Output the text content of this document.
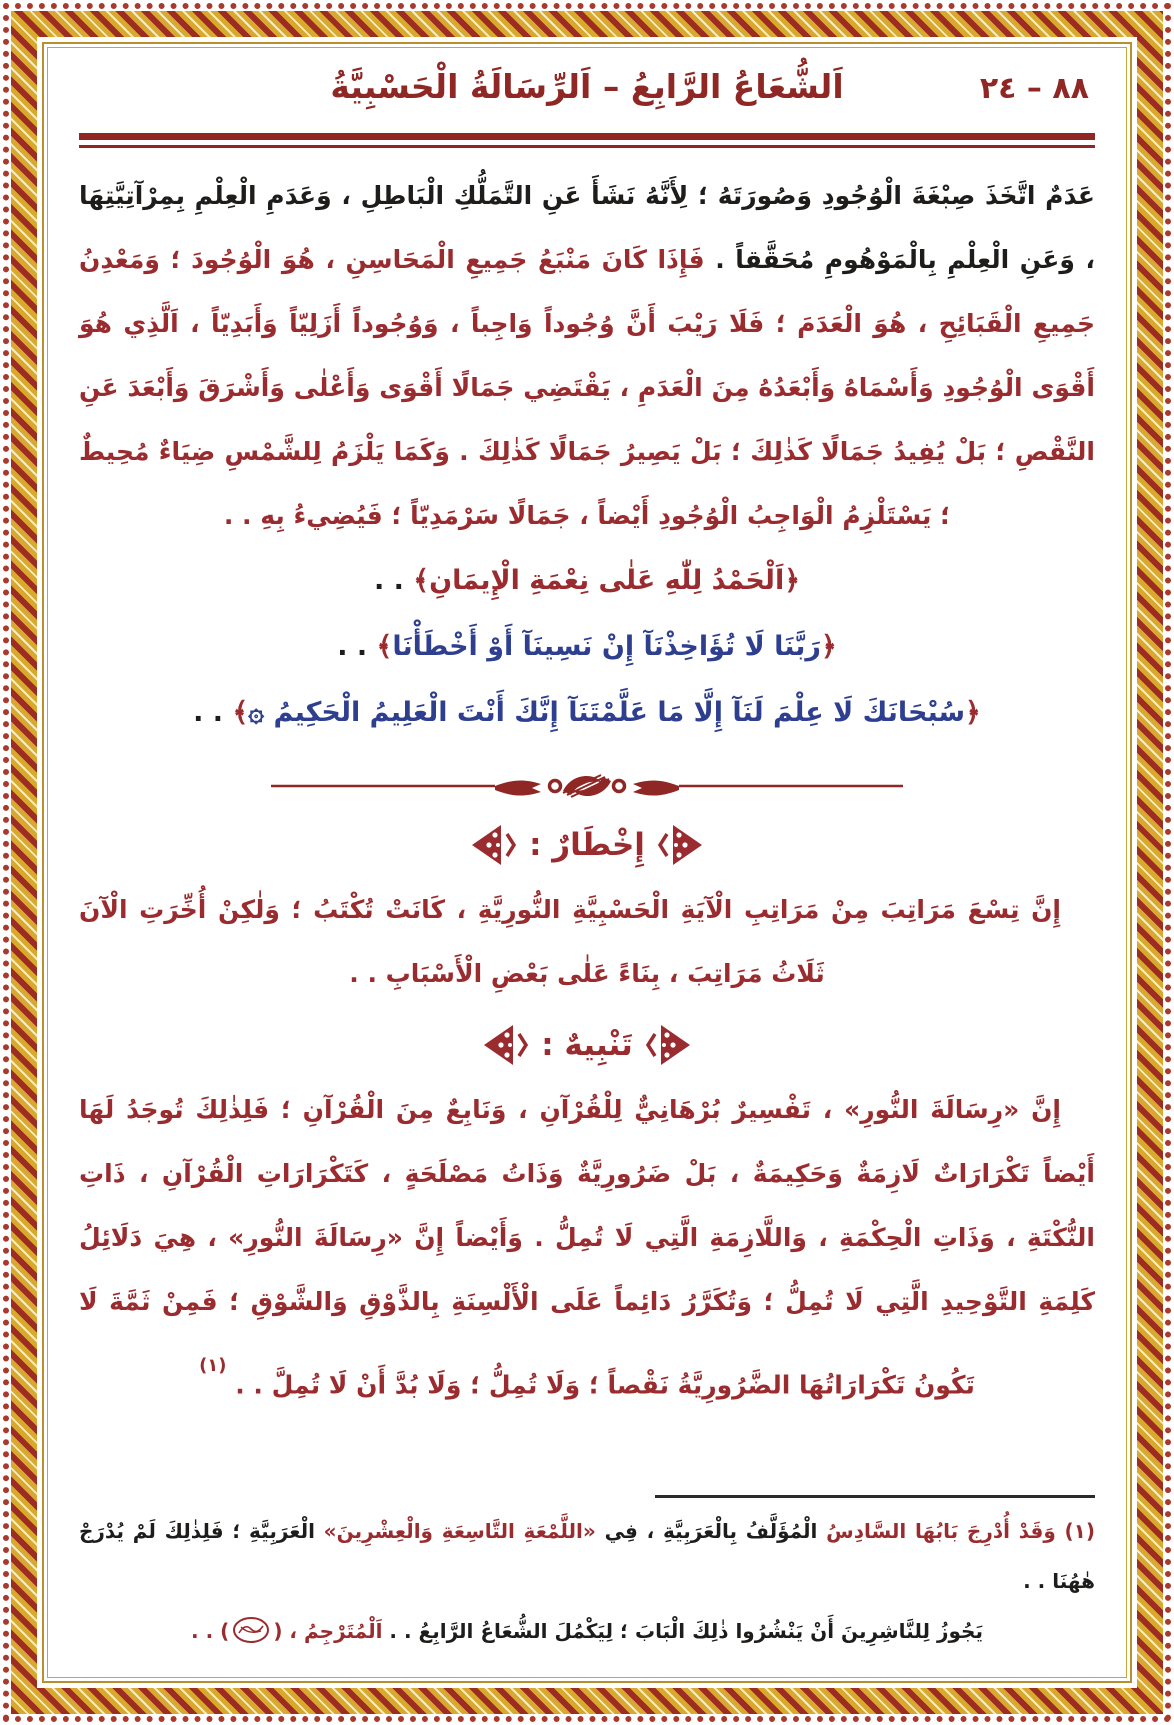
٨٨ – ٢٤
اَلشُّعَاعُ الرَّابِعُ – اَلرِّسَالَةُ الْحَسْبِيَّةُ

عَدَمٌ اتَّخَذَ صِبْغَةَ الْوُجُودِ وَصُورَتَهُ ؛ لِأَنَّهُ نَشَأَ عَنِ التَّمَلُّكِ الْبَاطِلِ ، وَعَدَمِ الْعِلْمِ بِمِرْآتِيَّتِهَا ، وَعَنِ الْعِلْمِ بِالْمَوْهُومِ مُحَقَّقاً . فَإِذَا كَانَ مَنْبَعُ جَمِيعِ الْمَحَاسِنِ ، هُوَ الْوُجُودَ ؛ وَمَعْدِنُ جَمِيعِ الْقَبَائِحِ ، هُوَ الْعَدَمَ ؛ فَلَا رَيْبَ أَنَّ وُجُوداً وَاجِباً ، وَوُجُوداً أَزَلِيّاً وَأَبَدِيّاً ، اَلَّذِي هُوَ أَقْوَى الْوُجُودِ وَأَسْمَاهُ وَأَبْعَدُهُ مِنَ الْعَدَمِ ، يَقْتَضِي جَمَالًا أَقْوَى وَأَعْلٰى وَأَشْرَقَ وَأَبْعَدَ عَنِ النَّقْصِ ؛ بَلْ يُفِيدُ جَمَالًا كَذٰلِكَ ؛ بَلْ يَصِيرُ جَمَالًا كَذٰلِكَ . وَكَمَا يَلْزَمُ لِلشَّمْسِ ضِيَاءٌ مُحِيطٌ ؛ يَسْتَلْزِمُ الْوَاجِبُ الْوُجُودِ أَيْضاً ، جَمَالًا سَرْمَدِيّاً ؛ فَيُضِيءُ بِهِ . .

﴿اَلْحَمْدُ لِلّٰهِ عَلٰى نِعْمَةِ الْإِيمَانِ﴾ . .

﴿رَبَّنَا لَا تُؤَاخِذْنَآ إِنْ نَسِينَآ أَوْ أَخْطَأْنَا﴾ . .

﴿سُبْحَانَكَ لَا عِلْمَ لَنَآ إِلَّا مَا عَلَّمْتَنَآ إِنَّكَ أَنْتَ الْعَلِيمُ الْحَكِيمُ ۞﴾ . .

إِخْطَارٌ :

إِنَّ تِسْعَ مَرَاتِبَ مِنْ مَرَاتِبِ الْآيَةِ الْحَسْبِيَّةِ النُّورِيَّةِ ، كَانَتْ تُكْتَبُ ؛ وَلٰكِنْ أُخِّرَتِ الْآنَ ثَلَاثُ مَرَاتِبَ ، بِنَاءً عَلٰى بَعْضِ الْأَسْبَابِ . .

تَنْبِيهٌ :

إِنَّ «رِسَالَةَ النُّورِ» ، تَفْسِيرٌ بُرْهَانِيٌّ لِلْقُرْآنِ ، وَنَابِعٌ مِنَ الْقُرْآنِ ؛ فَلِذٰلِكَ تُوجَدُ لَهَا أَيْضاً تَكْرَارَاتٌ لَازِمَةٌ وَحَكِيمَةٌ ، بَلْ ضَرُورِيَّةٌ وَذَاتُ مَصْلَحَةٍ ، كَتَكْرَارَاتِ الْقُرْآنِ ، ذَاتِ النُّكْتَةِ ، وَذَاتِ الْحِكْمَةِ ، وَاللَّازِمَةِ الَّتِي لَا تُمِلُّ . وَأَيْضاً إِنَّ «رِسَالَةَ النُّورِ» ، هِيَ دَلَائِلُ كَلِمَةِ التَّوْحِيدِ الَّتِي لَا تُمِلُّ ؛ وَتُكَرَّرُ دَائِماً عَلَى الْأَلْسِنَةِ بِالذَّوْقِ وَالشَّوْقِ ؛ فَمِنْ ثَمَّةَ لَا تَكُونُ تَكْرَارَاتُهَا الضَّرُورِيَّةُ نَقْصاً ؛ وَلَا تُمِلُّ ؛ وَلَا بُدَّ أَنْ لَا تُمِلَّ . . $^{(١)}$

(١) وَقَدْ أُدْرِجَ بَابُهَا السَّادِسُ الْمُؤَلَّفُ بِالْعَرَبِيَّةِ ، فِي «اللَّمْعَةِ التَّاسِعَةِ وَالْعِشْرِينَ» الْعَرَبِيَّةِ ؛ فَلِذٰلِكَ لَمْ يُدْرَجْ هٰهُنَا . .

يَجُوزُ لِلنَّاشِرِينَ أَنْ يَنْشُرُوا ذٰلِكَ الْبَابَ ؛ لِيَكْمُلَ الشُّعَاعُ الرَّابِعُ . . اَلْمُتَرْجِمُ ، () . .
